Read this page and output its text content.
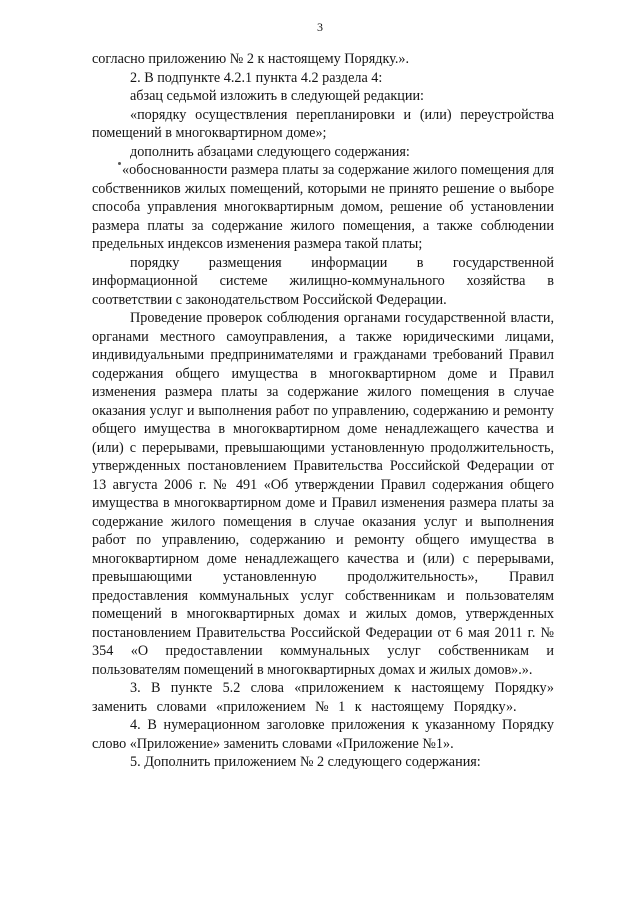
3

согласно приложению № 2 к настоящему Порядку.».

2. В подпункте 4.2.1 пункта 4.2 раздела 4:

абзац седьмой изложить в следующей редакции:

«порядку осуществления перепланировки и (или) переустройства помещений в многоквартирном доме»;

дополнить абзацами следующего содержания:

«обоснованности размера платы за содержание жилого помещения для собственников жилых помещений, которыми не принято решение о выборе способа управления многоквартирным домом, решение об установлении размера платы за содержание жилого помещения, а также соблюдении предельных индексов изменения размера такой платы;

порядку размещения информации в государственной информационной системе жилищно-коммунального хозяйства в соответствии с законодательством Российской Федерации.

Проведение проверок соблюдения органами государственной власти, органами местного самоуправления, а также юридическими лицами, индивидуальными предпринимателями и гражданами требований Правил содержания общего имущества в многоквартирном доме и Правил изменения размера платы за содержание жилого помещения в случае оказания услуг и выполнения работ по управлению, содержанию и ремонту общего имущества в многоквартирном доме ненадлежащего качества и (или) с перерывами, превышающими установленную продолжительность, утвержденных постановлением Правительства Российской Федерации от 13 августа 2006 г. № 491 «Об утверждении Правил содержания общего имущества в многоквартирном доме и Правил изменения размера платы за содержание жилого помещения в случае оказания услуг и выполнения работ по управлению, содержанию и ремонту общего имущества в многоквартирном доме ненадлежащего качества и (или) с перерывами, превышающими установленную продолжительность», Правил предоставления коммунальных услуг собственникам и пользователям помещений в многоквартирных домах и жилых домов, утвержденных постановлением Правительства Российской Федерации от 6 мая 2011 г. № 354 «О предоставлении коммунальных услуг собственникам и пользователям помещений в многоквартирных домах и жилых домов».».

3. В пункте 5.2 слова «приложением к настоящему Порядку» заменить словами «приложением № 1 к настоящему Порядку».

4. В нумерационном заголовке приложения к указанному Порядку слово «Приложение» заменить словами «Приложение №1».

5. Дополнить приложением № 2 следующего содержания:
